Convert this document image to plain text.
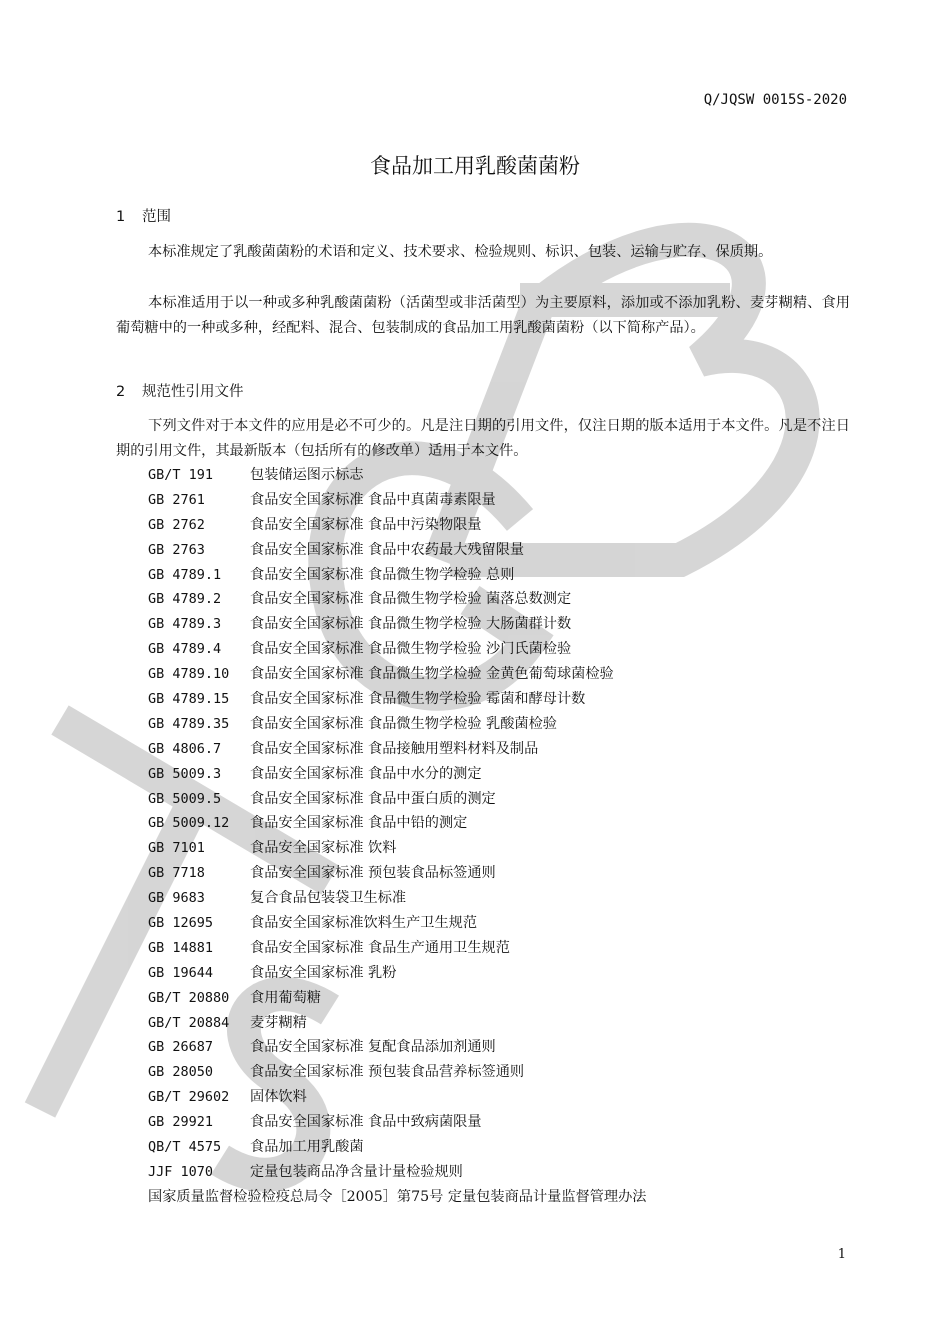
Q/JQSW 0015S-2020
食品加工用乳酸菌菌粉
1 范围
本标准规定了乳酸菌菌粉的术语和定义、技术要求、检验规则、标识、包装、运输与贮存、保质期。
本标准适用于以一种或多种乳酸菌菌粉（活菌型或非活菌型）为主要原料，添加或不添加乳粉、麦芽糊精、食用葡萄糖中的一种或多种，经配料、混合、包装制成的食品加工用乳酸菌菌粉（以下简称产品）。
2 规范性引用文件
下列文件对于本文件的应用是必不可少的。凡是注日期的引用文件，仅注日期的版本适用于本文件。凡是不注日期的引用文件，其最新版本（包括所有的修改单）适用于本文件。
GB/T 191	包装储运图示标志
GB 2761	食品安全国家标准 食品中真菌毒素限量
GB 2762	食品安全国家标准 食品中污染物限量
GB 2763	食品安全国家标准 食品中农药最大残留限量
GB 4789.1	食品安全国家标准 食品微生物学检验 总则
GB 4789.2	食品安全国家标准 食品微生物学检验 菌落总数测定
GB 4789.3	食品安全国家标准 食品微生物学检验 大肠菌群计数
GB 4789.4	食品安全国家标准 食品微生物学检验 沙门氏菌检验
GB 4789.10	食品安全国家标准 食品微生物学检验 金黄色葡萄球菌检验
GB 4789.15	食品安全国家标准 食品微生物学检验 霉菌和酵母计数
GB 4789.35	食品安全国家标准 食品微生物学检验 乳酸菌检验
GB 4806.7	食品安全国家标准 食品接触用塑料材料及制品
GB 5009.3	食品安全国家标准 食品中水分的测定
GB 5009.5	食品安全国家标准 食品中蛋白质的测定
GB 5009.12	食品安全国家标准 食品中铅的测定
GB 7101	食品安全国家标准 饮料
GB 7718	食品安全国家标准 预包装食品标签通则
GB 9683	复合食品包装袋卫生标准
GB 12695	食品安全国家标准饮料生产卫生规范
GB 14881	食品安全国家标准 食品生产通用卫生规范
GB 19644	食品安全国家标准 乳粉
GB/T 20880	食用葡萄糖
GB/T 20884	麦芽糊精
GB 26687	食品安全国家标准 复配食品添加剂通则
GB 28050	食品安全国家标准 预包装食品营养标签通则
GB/T 29602	固体饮料
GB 29921	食品安全国家标准 食品中致病菌限量
QB/T 4575	食品加工用乳酸菌
JJF 1070	定量包装商品净含量计量检验规则
国家质量监督检验检疫总局令［2005］第75号 定量包装商品计量监督管理办法
1
